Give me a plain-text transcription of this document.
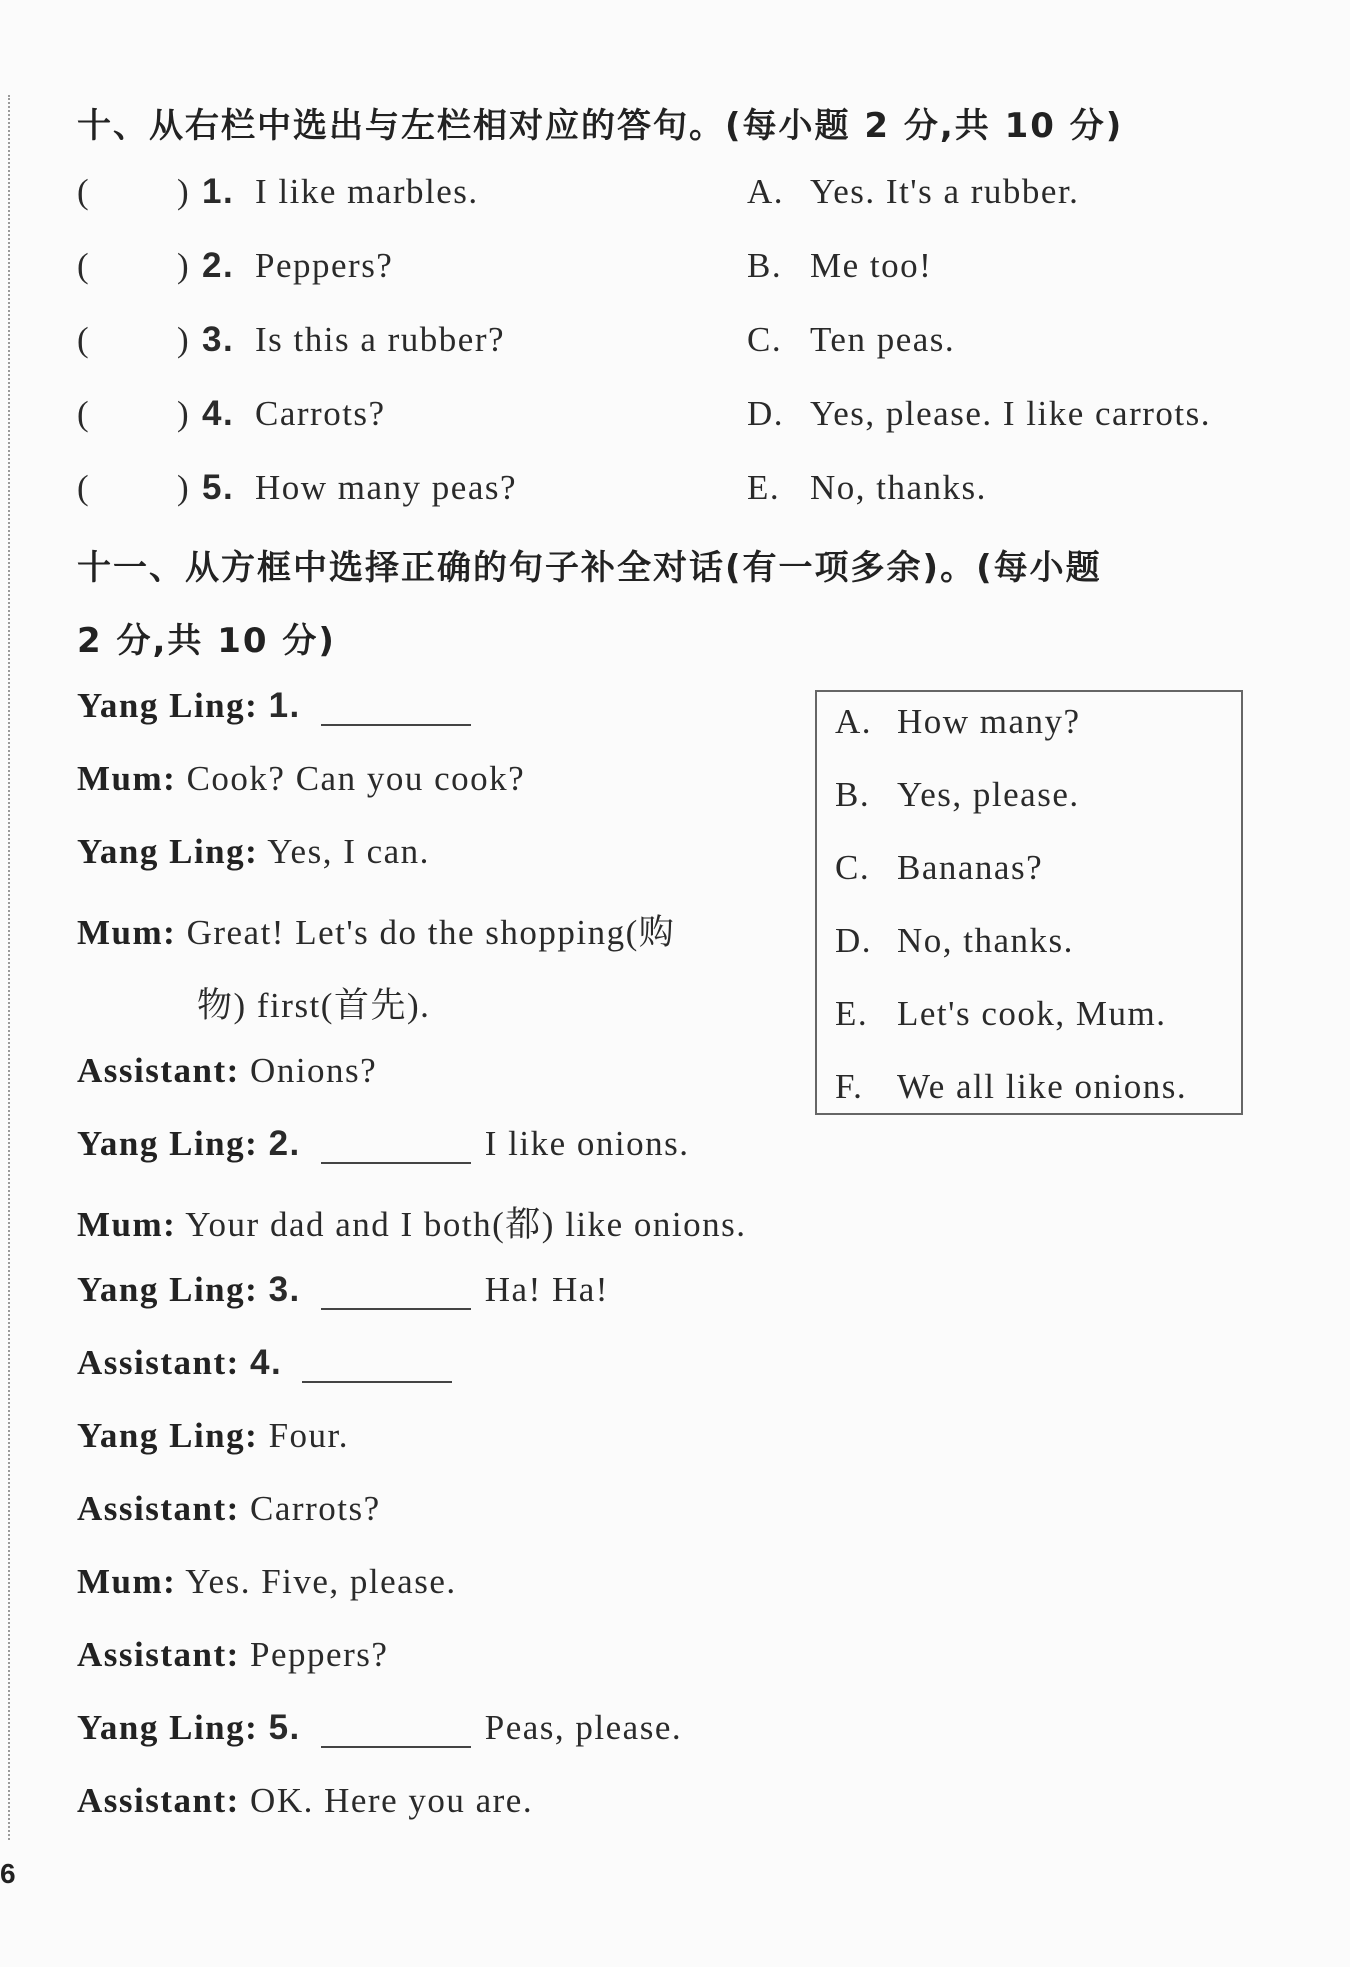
十、从右栏中选出与左栏相对应的答句。(每小题 2 分,共 10 分)
( ) 1. I like marbles.	A. Yes. It's a rubber.
( ) 2. Peppers?	B. Me too!
( ) 3. Is this a rubber?	C. Ten peas.
( ) 4. Carrots?	D. Yes, please. I like carrots.
( ) 5. How many peas?	E. No, thanks.
十一、从方框中选择正确的句子补全对话(有一项多余)。(每小题
2 分,共 10 分)
A. How many?
B. Yes, please.
C. Bananas?
D. No, thanks.
E. Let's cook, Mum.
F. We all like onions.
Yang Ling: 1.
Mum: Cook? Can you cook?
Yang Ling: Yes, I can.
Mum: Great! Let's do the shopping(购
物) first(首先).
Assistant: Onions?
Yang Ling: 2.	I like onions.
Mum: Your dad and I both(都) like onions.
Yang Ling: 3.	Ha! Ha!
Assistant: 4.
Yang Ling: Four.
Assistant: Carrots?
Mum: Yes. Five, please.
Assistant: Peppers?
Yang Ling: 5.	Peas, please.
Assistant: OK. Here you are.
6
